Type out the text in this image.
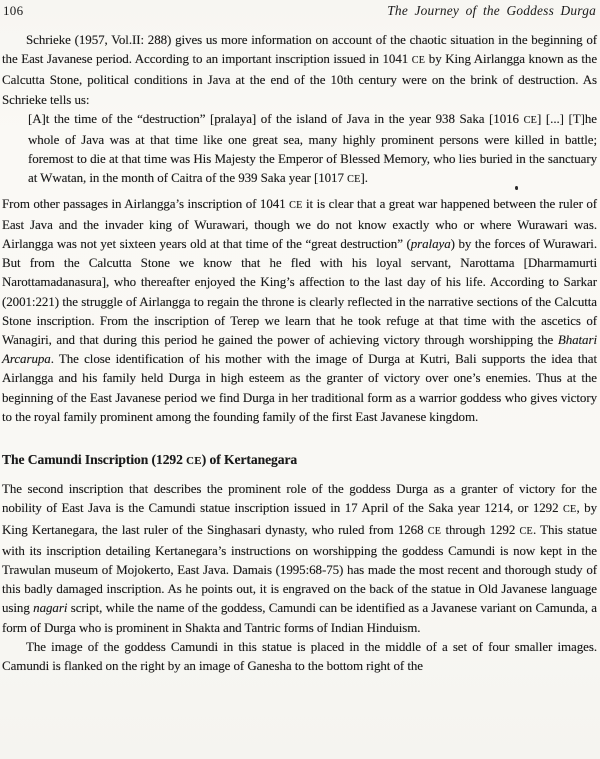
106	The Journey of the Goddess Durga

Schrieke (1957, Vol.II: 288) gives us more information on account of the chaotic situation in the beginning of the East Javanese period. According to an important inscription issued in 1041 CE by King Airlangga known as the Calcutta Stone, political conditions in Java at the end of the 10th century were on the brink of destruction. As Schrieke tells us:

[A]t the time of the “destruction” [pralaya] of the island of Java in the year 938 Saka [1016 CE] [...] [T]he whole of Java was at that time like one great sea, many highly prominent persons were killed in battle; foremost to die at that time was His Majesty the Emperor of Blessed Memory, who lies buried in the sanctuary at Wwatan, in the month of Caitra of the 939 Saka year [1017 CE].

From other passages in Airlangga’s inscription of 1041 CE it is clear that a great war happened between the ruler of East Java and the invader king of Wurawari, though we do not know exactly who or where Wurawari was. Airlangga was not yet sixteen years old at that time of the “great destruction” (pralaya) by the forces of Wurawari. But from the Calcutta Stone we know that he fled with his loyal servant, Narottama [Dharmamurti Narottamadanasura], who thereafter enjoyed the King’s affection to the last day of his life. According to Sarkar (2001:221) the struggle of Airlangga to regain the throne is clearly reflected in the narrative sections of the Calcutta Stone inscription. From the inscription of Terep we learn that he took refuge at that time with the ascetics of Wanagiri, and that during this period he gained the power of achieving victory through worshipping the Bhatari Arcarupa. The close identification of his mother with the image of Durga at Kutri, Bali supports the idea that Airlangga and his family held Durga in high esteem as the granter of victory over one’s enemies. Thus at the beginning of the East Javanese period we find Durga in her traditional form as a warrior goddess who gives victory to the royal family prominent among the founding family of the first East Javanese kingdom.

The Camundi Inscription (1292 CE) of Kertanegara

The second inscription that describes the prominent role of the goddess Durga as a granter of victory for the nobility of East Java is the Camundi statue inscription issued in 17 April of the Saka year 1214, or 1292 CE, by King Kertanegara, the last ruler of the Singhasari dynasty, who ruled from 1268 CE through 1292 CE. This statue with its inscription detailing Kertanegara’s instructions on worshipping the goddess Camundi is now kept in the Trawulan museum of Mojokerto, East Java. Damais (1995:68-75) has made the most recent and thorough study of this badly damaged inscription. As he points out, it is engraved on the back of the statue in Old Javanese language using nagari script, while the name of the goddess, Camundi can be identified as a Javanese variant on Camunda, a form of Durga who is prominent in Shakta and Tantric forms of Indian Hinduism.

The image of the goddess Camundi in this statue is placed in the middle of a set of four smaller images. Camundi is flanked on the right by an image of Ganesha to the bottom right of the
